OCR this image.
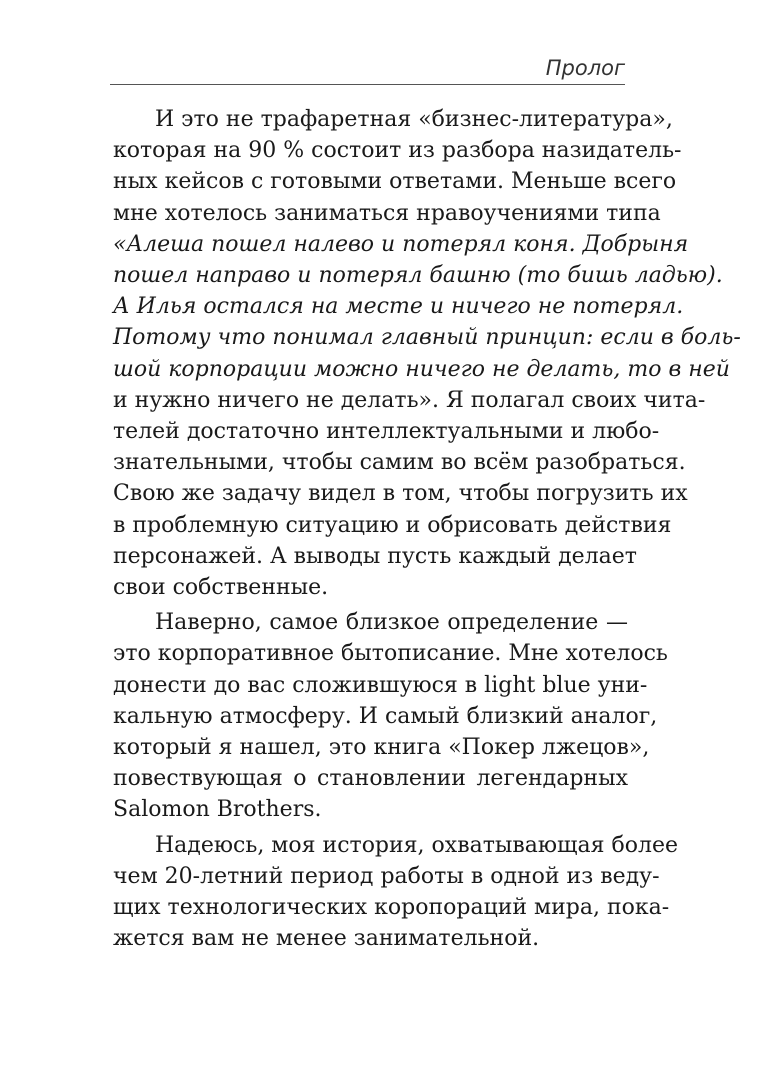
Пролог
И это не трафаретная «бизнес-литература»,
которая на 90 % состоит из разбора назидатель-
ных кейсов с готовыми ответами. Меньше всего
мне хотелось заниматься нравоучениями типа
«Алеша пошел налево и потерял коня. Добрыня
пошел направо и потерял башню (то бишь ладью).
А Илья остался на месте и ничего не потерял.
Потому что понимал главный принцип: если в боль-
шой корпорации можно ничего не делать, то в ней
и нужно ничего не делать». Я полагал своих чита-
телей достаточно интеллектуальными и любо-
знательными, чтобы самим во всём разобраться.
Свою же задачу видел в том, чтобы погрузить их
в проблемную ситуацию и обрисовать действия
персонажей. А выводы пусть каждый делает
свои собственные.
Наверно, самое близкое определение —
это корпоративное бытописание. Мне хотелось
донести до вас сложившуюся в light blue уни-
кальную атмосферу. И самый близкий аналог,
который я нашел, это книга «Покер лжецов»,
повествующая о становлении легендарных
Salomon Brothers.
Надеюсь, моя история, охватывающая более
чем 20-летний период работы в одной из веду-
щих технологических коропораций мира, пока-
жется вам не менее занимательной.
